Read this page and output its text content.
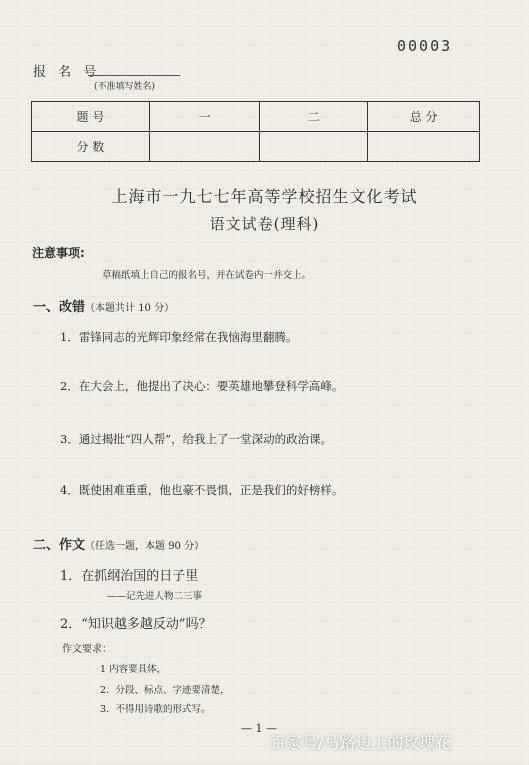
00003
报 名 号
(不准填写姓名)
题 号	一	二	总 分
分 数			
上海市一九七七年高等学校招生文化考试
语文试卷(理科)
注意事项:
草稿纸填上自己的报名号，并在试卷内一并交上。
一、改错（本题共计 10 分）
1．雷锋同志的光辉印象经常在我恼海里翻腾。
2．在大会上，他提出了决心：要英雄地攀登科学高峰。
3．通过揭批“四人帮”，给我上了一堂深动的政治课。
4．既使困难重重，他也豪不畏惧，正是我们的好榜样。
二、作文（任选一题，本题 90 分）
1．在抓纲治国的日子里
——记先进人物二三事
2．“知识越多越反动”吗？
作文要求：
1 内容要具体，
2．分段、标点、字迹要清楚，
3．不得用诗歌的形式写。
— 1 —
百家号/马路边上的玫瑰花
